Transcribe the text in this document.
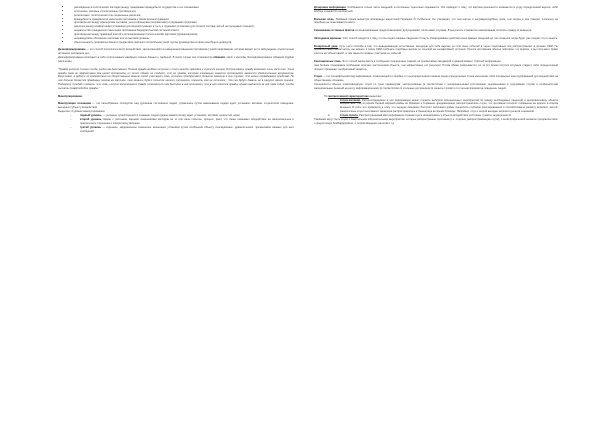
■ расхождение в политических взглядах между гражданами враждебного государства и его союзниками;

■ этнические, расовые и религиозные противоречия;

■ религиозные, политические или социальные различия;

■ враждебность гражданского населения противника к своим военнослужащим;

■ противоречия между офицерским составом, унтер-офицерами (сержантами) и рядовыми солдатами;

■ различия между комфортными условиями для военнослужащих в тылу и трудными условиями для личного состава частей на передовых позициях;

■ недовольство гражданского населения противника бюрократической системой власти;

■ противоречия между правящей элитой и оппозиционными политическими партиями (организациями);

■ неправедливое обложение налогами или их высокий уровень;

■ обеспеченность продовольствием и предметами широкого потребления узкой группы руководства на фоне всеобщего дефицита.

Дезинформирование — это способ психологического воздействия, заключающийся в намеренном введении противника (чужой информации, которая вводит его в заблуждение относительно истинного положения дел.

Дезинформирование включает в себя использование введения ложных данных и сведений. В этом случае оно становится обманом. Цели и методы дезинформирования обманом трудно различимы.

"Правда целиком только тогда, когда она действенна. Полная правда вообще штучное и почти всегда трагедия с хорошим концом. Использовать правду возможно лишь частично. Хотя правда сама не эффективна для целей пропаганды, из этого однако не следует, что не правда, которая изначально кажется пропагандой, является убедительным аргументом. Безусловно, в работе по воздействию на общественное мнение порой участвует ложь, которые приобретают большое значение в тех случаях, что целью оправдывает средство. Но чем больше делается правдивых мазков на картине, тем меньше будет попыток нашего оппонента, исказить сам ее источник... Они же будут давать ее в ракурсе своего мнения. Подчеркну: Следует сказать, что ложь, искусно вплетённая в правду, становится тем быстрее в неё проникнет, что в ней имеется правда, однако выдается за неё сама собой, чтобы сыскать правдоподобие правды."

Манипулирование.

Манипуляция сознанием — это своеобразное господство над духовным состоянием людей, управление путём навязывания людям идей, установок, мотивов, стереотипов поведения, выгодных субъекту воздействия.

Выделяют 3 уровня манипулирования:

–	первый уровень — усиление существующих в сознании людей нужных манипулятору идей, установок, мотивов, ценностей, норм;

–	второй уровень связан с частными, малыми изменениями взглядов на то или иное событие, процесс, факт, что также оказывает воздействие на эмоциональное и практическое отношение к конкретному явлению;

–	третий уровень — коренное, кардинальное изменение жизненных установок путем сообщения объекту сенсационных, драматических, чрезвычайно важных для него сообщений.

Дозировка информации. Сообщаются только часть сведений, а остальные тщательно скрываются. Это приводит к тому, что картина реальности искажается в угоду определенной версии, либо вообще становится непонятной.

Большая ложь. Любимый прием министра пропаганды нацистской Германии Й. Геббельса. Он утверждал, что чем наглее и неправдоподобнее ложь, тем скорее в нее поверят, поскольку на подобное не осмеливаются никто.

Смешивание истинных фактов со всевозможными предположениями, допущениями, гипотезами, слухами. В результате становится невозможным отличить правду от вымысла.

Запоздание времени. Этот способ сводится к тому, что бы подать важные сведения оттянуть обнародование действительно важных сведений до того момента, когда будет уже поздно что-то менять.

Возвратный удар. Суть этого способа в том, что выведывающие естественно, выгодную для себя версию тех или иных событий в через подставных лиц распространяют в органах СМИ. Не проявляя свою причастность, вы можете в своих СМИ сообщать подобные версии со ссылкой на 'независимый' источник. Пресса противника обычно повторяет эту версию, и вы получаете право считать её 'объективной', в чём имеются прямые участники ее событий.

Сенсационные ложь. Этот способ заключается в сообщении сенсационно ложной, но чрезвычайно ожидаемой и данный момент 'горячей' информации.

Чем больше содержание сообщения отвечает настроениям объекта, тем эффективнее его результат. Потом обман раскрывается, но за это время острота ситуации стадиет, либо определенный процесс принимает необратимый характер.

Слухи — это специфический вид информации, позволяющей в стихийно и с неупорядоченного канала среди определенных слоев населения, либо специально конструированной для воздействия на общественное сознание.

Специалисты обычно классифицируют слухи по трем параметрам: экспрессивным (в соответствии с эмоциональными состояниями, выраженными в содержании слухов и особенностями эмоциональных реакций на него), информационному (в соответствии со степенью достоверности сюжета слухов) и по степени влияния на поведение людей.

По экспрессивной характеристике выделяют:

1.	Слухи-желания. Распространяемые в них информации может служить выбором определенных мероприятий по поводу необходимых сведений и дезорганизовать объекта воздействия. Так, во время Первой мировой войны во Франции и Германии преднамеренно распространялись слухи, что противник потерпит поражение на фронте в скором времени. В итоге это приводило к тому, что нередко ожидание быстрого окончания войны сменялось глубоким разочарованием и способствовало развалу воинских частей. Аналогичные слухи негативного характера распространялись в Ленинграде во время блокады. Например, слух о скорой высадке морского десанта союзников.

2.	Слухи-пугала. Распространяемая ими информация отражает цель инициировать у объекта воздействия состояние тревоги, неуверенности.

Таковыми могут быть слухи о смертельном оборонительном мероприятии, которые распространяет противник (т.е. сторона, распространяющая слухи), о катастрофической нехватке продовольствия, о предстоящих бомбардировках, о скором введении налогов и т.д.
